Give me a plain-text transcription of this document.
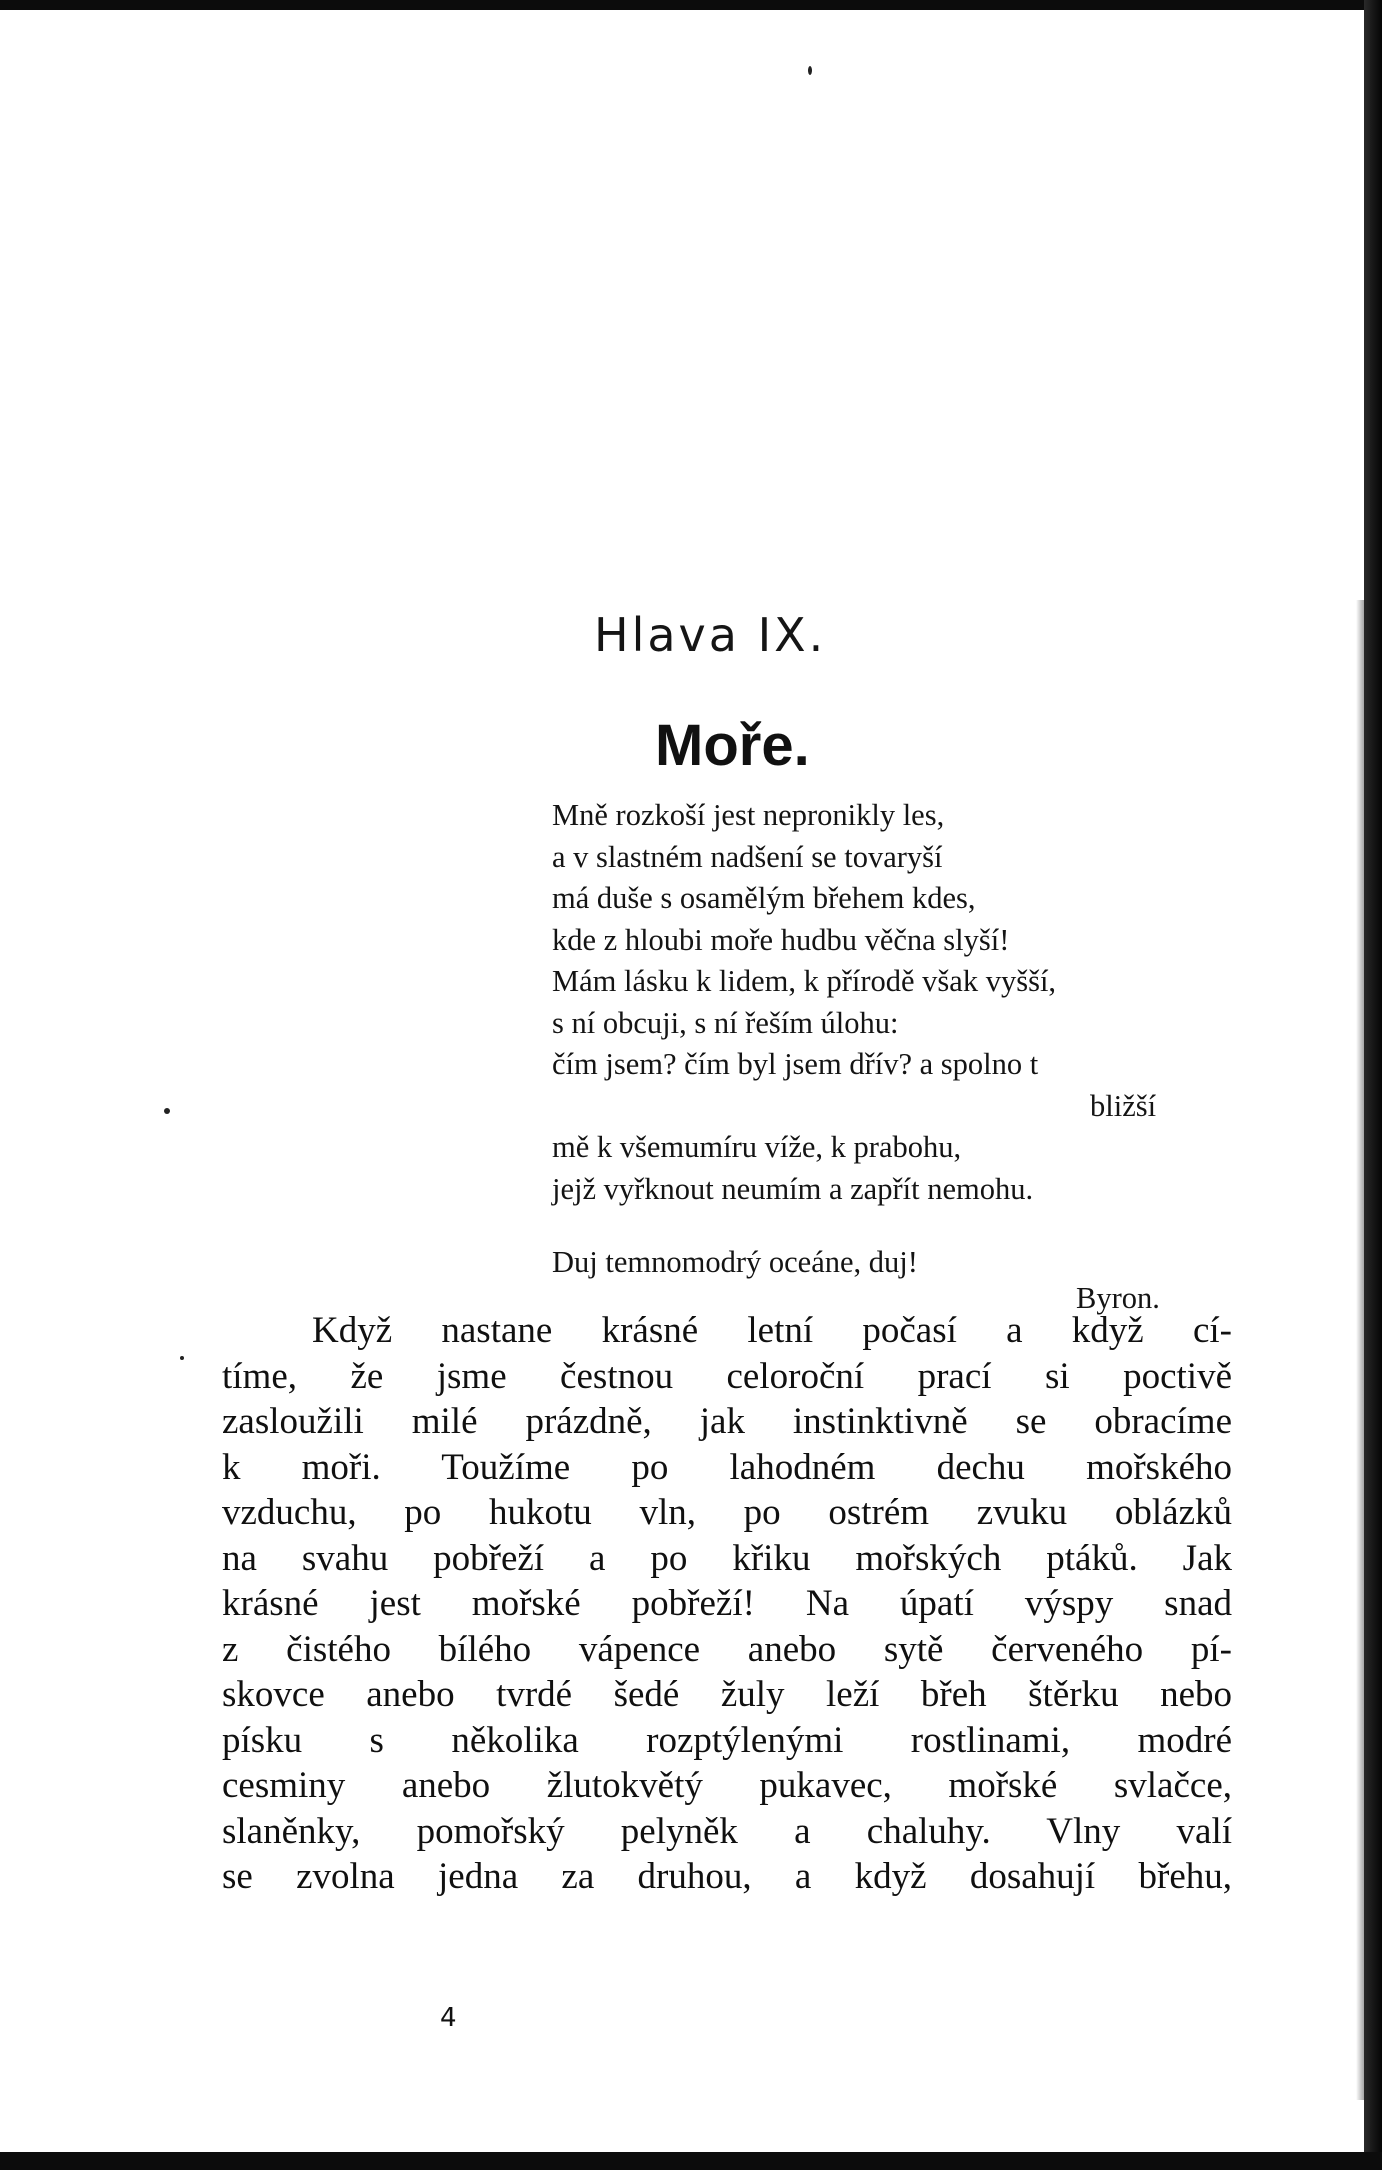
Hlava IX.
Moře.
Mně rozkoší jest nepronikly les,
a v slastném nadšení se tovaryší
má duše s osamělým břehem kdes,
kde z hloubi moře hudbu věčna slyší!
Mám lásku k lidem, k přírodě však vyšší,
s ní obcuji, s ní řeším úlohu:
čím jsem? čím byl jsem dřív? a spolno t
bližší
mě k všemumíru víže, k prabohu,
jejž vyřknout neumím a zapřít nemohu.
Duj temnomodrý oceáne, duj!
Byron.
Když nastane krásné letní počasí a když cí-
tíme, že jsme čestnou celoroční prací si poctivě
zasloužili milé prázdně, jak instinktivně se obracíme
k moři. Toužíme po lahodném dechu mořského
vzduchu, po hukotu vln, po ostrém zvuku oblázků
na svahu pobřeží a po křiku mořských ptáků. Jak
krásné jest mořské pobřeží! Na úpatí výspy snad
z čistého bílého vápence anebo sytě červeného pí-
skovce anebo tvrdé šedé žuly leží břeh štěrku nebo
písku s několika rozptýlenými rostlinami, modré
cesminy anebo žlutokvětý pukavec, mořské svlačce,
slaněnky, pomořský pelyněk a chaluhy. Vlny valí
se zvolna jedna za druhou, a když dosahují břehu,
4
